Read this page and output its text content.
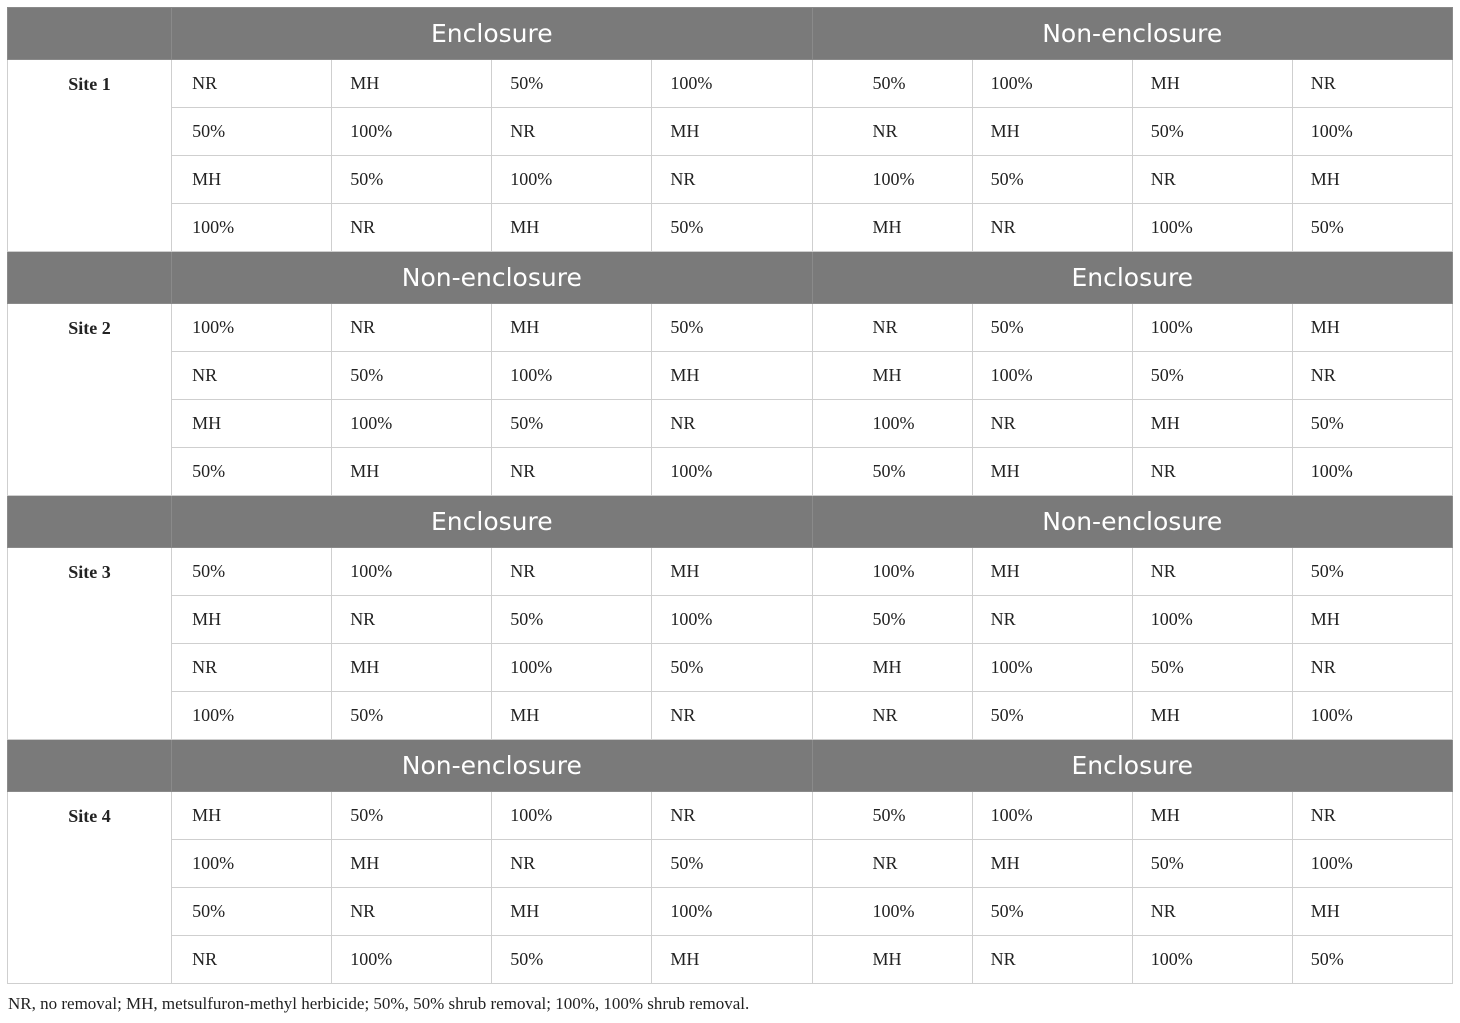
	Enclosure				Non-enclosure			
Site 1	NR	MH	50%	100%	50%	100%	MH	NR
	50%	100%	NR	MH	NR	MH	50%	100%
	MH	50%	100%	NR	100%	50%	NR	MH
	100%	NR	MH	50%	MH	NR	100%	50%
	Non-enclosure				Enclosure			
Site 2	100%	NR	MH	50%	NR	50%	100%	MH
	NR	50%	100%	MH	MH	100%	50%	NR
	MH	100%	50%	NR	100%	NR	MH	50%
	50%	MH	NR	100%	50%	MH	NR	100%
	Enclosure				Non-enclosure			
Site 3	50%	100%	NR	MH	100%	MH	NR	50%
	MH	NR	50%	100%	50%	NR	100%	MH
	NR	MH	100%	50%	MH	100%	50%	NR
	100%	50%	MH	NR	NR	50%	MH	100%
	Non-enclosure				Enclosure			
Site 4	MH	50%	100%	NR	50%	100%	MH	NR
	100%	MH	NR	50%	NR	MH	50%	100%
	50%	NR	MH	100%	100%	50%	NR	MH
	NR	100%	50%	MH	MH	NR	100%	50%
NR, no removal; MH, metsulfuron-methyl herbicide; 50%, 50% shrub removal; 100%, 100% shrub removal.
